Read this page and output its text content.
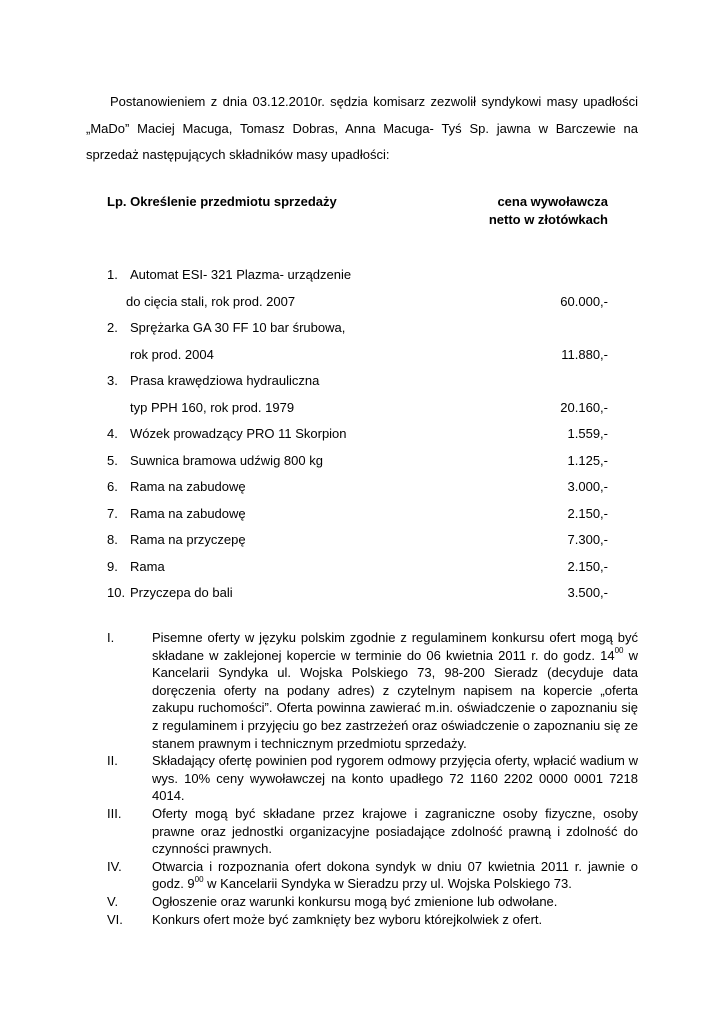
Postanowieniem z dnia 03.12.2010r. sędzia komisarz zezwolił syndykowi masy upadłości
„MaDo” Maciej Macuga, Tomasz Dobras, Anna Macuga- Tyś Sp. jawna w Barczewie na
sprzedaż następujących składników masy upadłości:
Lp. Określenie przedmiotu sprzedaży	cena wywoławcza
netto w złotówkach
1. Automat ESI- 321 Plazma- urządzenie
do cięcia stali, rok prod. 2007	60.000,-
2. Sprężarka GA 30 FF 10 bar śrubowa,
rok prod. 2004	11.880,-
3. Prasa krawędziowa hydrauliczna
typ PPH 160, rok prod. 1979	20.160,-
4. Wózek prowadzący PRO 11 Skorpion	1.559,-
5. Suwnica bramowa udźwig 800 kg	1.125,-
6. Rama na zabudowę	3.000,-
7. Rama na zabudowę	2.150,-
8. Rama na przyczepę	7.300,-
9. Rama	2.150,-
10. Przyczepa do bali	3.500,-
I.	Pisemne oferty w języku polskim zgodnie z regulaminem konkursu ofert mogą być składane w zaklejonej kopercie w terminie do 06 kwietnia 2011 r. do godz. $14^{00}$ w Kancelarii Syndyka ul. Wojska Polskiego 73, 98-200 Sieradz (decyduje data doręczenia oferty na podany adres) z czytelnym napisem na kopercie „oferta zakupu ruchomości”. Oferta powinna zawierać m.in. oświadczenie o zapoznaniu się z regulaminem i przyjęciu go bez zastrzeżeń oraz oświadczenie o zapoznaniu się ze stanem prawnym i technicznym przedmiotu sprzedaży.
II.	Składający ofertę powinien pod rygorem odmowy przyjęcia oferty, wpłacić wadium w wys. 10% ceny wywoławczej na konto upadłego 72 1160 2202 0000 0001 7218 4014.
III. Oferty mogą być składane przez krajowe i zagraniczne osoby fizyczne, osoby prawne oraz jednostki organizacyjne posiadające zdolność prawną i zdolność do czynności prawnych.
IV. Otwarcia i rozpoznania ofert dokona syndyk w dniu 07 kwietnia 2011 r. jawnie o godz. $9^{00}$ w Kancelarii Syndyka w Sieradzu przy ul. Wojska Polskiego 73.
V.	Ogłoszenie oraz warunki konkursu mogą być zmienione lub odwołane.
VI. Konkurs ofert może być zamknięty bez wyboru którejkolwiek z ofert.
